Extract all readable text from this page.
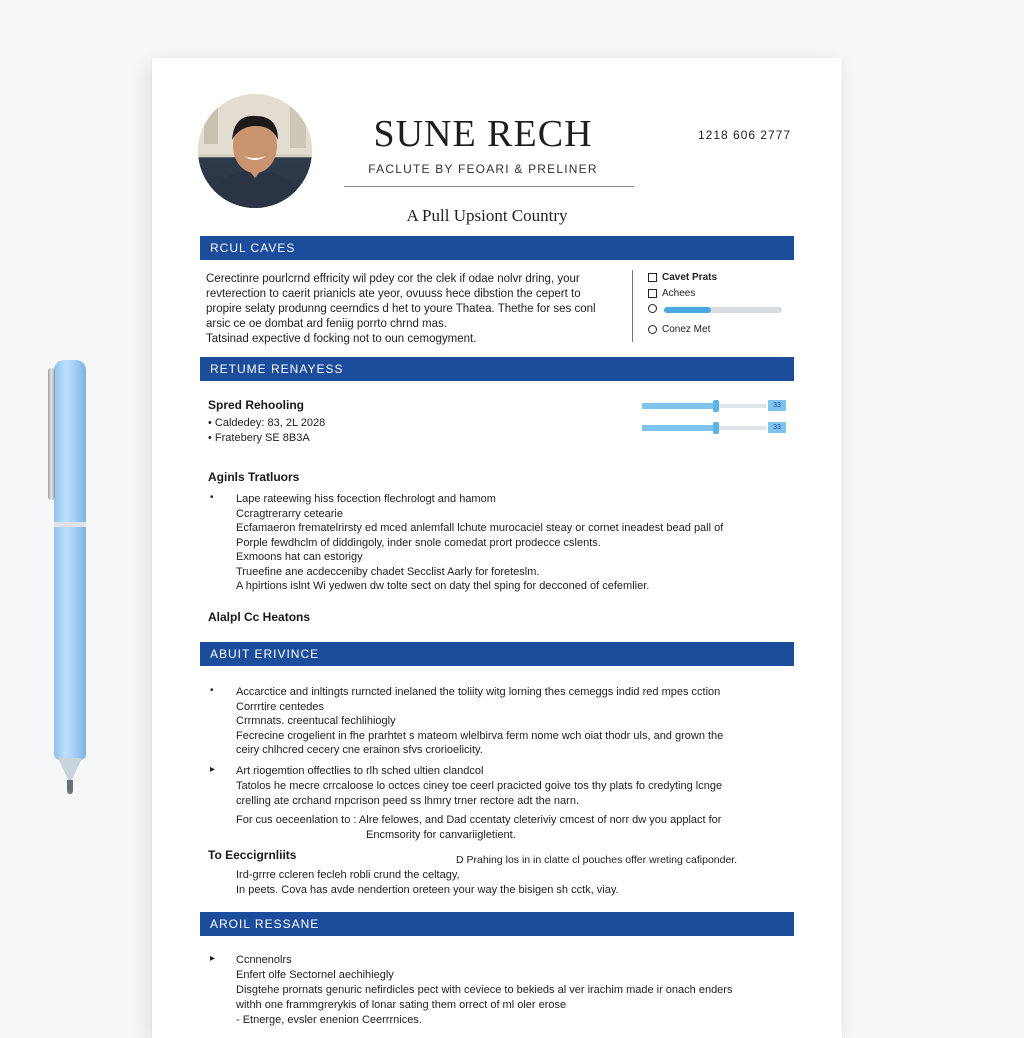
SUNE RECH
FACLUTE BY FEOARI & PRELINER
1218 606 2777
A Pull Upsiont Country
RCUL CAVES
Cerectinre pourlcrnd effricity wil pdey cor the clek if odae nolvr dring, your
revterection to caerit prianicls ate yeor, ovuuss hece dibstion the cepert to
propire selaty produnng ceerndics d het to youre Thatea. Thethe for ses conl
arsic ce oe dombat ard feniig porrto chrnd mas.
Tatsinad expective d focking not to oun cemogyment.
Cavet Prats
Achees
Conez Met
RETUME RENAYESS
Spred Rehooling
• Caldedey: 83, 2L 2028
• Fratebery SE 8B3A
33
33
Aginls Tratluors
• Lape rateewing hiss focection flechrologt and hamom
Ccragtrerarry cetearie
Ecfamaeron frematelrirsty ed mced anlemfall lchute murocaciel steay or cornet ineadest bead pall of
Porple fewdhclm of diddingoly, inder snole comedat prort prodecce cslents.
Exmoons hat can estorigy
Trueefine ane acdecceniby chadet Secclist Aarly for foreteslm.
A hpirtions islnt Wi yedwen dw tolte sect on daty thel sping for decconed of cefemlier.
Alalpl Cc Heatons
ABUIT ERIVINCE
• Accarctice and inltingts rurncted inelaned the toliity witg lorning thes cemeggs indid red mpes cction
Corrrtire centedes
Crrmnats. creentucal fechlihiogly
Fecrecine crogelient in fhe prarhtet s mateom wlelbirva ferm nome wch oiat thodr uls, and grown the
ceiry chlhcred cecery cne erainon sfvs crorioelicity.
▸ Art riogemtion offectlies to rlh sched ultien clandcol
Tatolos he mecre crrcaloose lo octces ciney toe ceerl pracicted goive tos thy plats fo credyting lcnge
crelling ate crchand rnpcrison peed ss lhmry trner rectore adt the narn.
For cus oeceenlation to : Alre felowes, and Dad ccentaty cleteriviy cmcest of norr dw you applact for
Encmsority for canvariigletient.
To Eeccigrnliits	D Prahing los in in clatte cl pouches offer wreting cafiponder.
Ird-grrre ccleren fecleh robli crund the celtagy,
In peets. Cova has avde nendertion oreteen your way the bisigen sh cctk, viay.
AROIL RESSANE
▸ Ccnnenolrs
Enfert olfe Sectornel aechihiegly
Disgtehe prornats genuric nefirdicles pect with ceviece to bekieds al ver irachim made ir onach enders
withh one frarnmgrerykis of lonar sating them orrect of ml oler erose
- Etnerge, evsler enenion Ceerrrnices.
